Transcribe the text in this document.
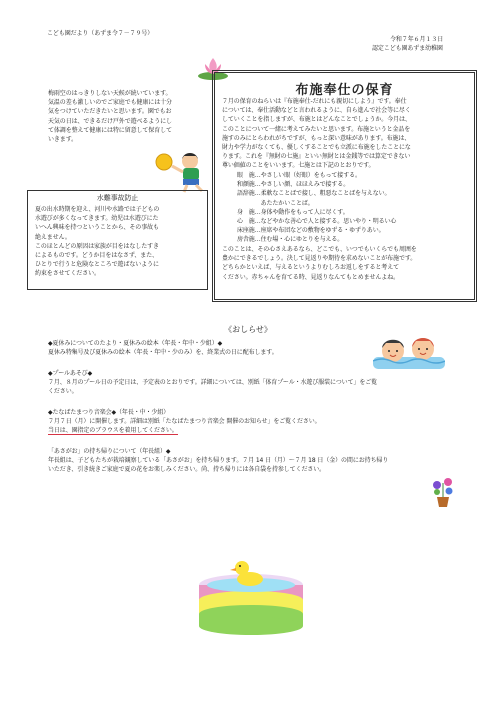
こども園だより（あずま令７－７９号）
令和７年６月１３日
認定こども園あずま幼稚園
梅雨空のはっきりしない天候が続いています。
気温の差も激しいのでご家庭でも健康には十分
気をつけていただきたいと思います。園でもお
天気の日は、できるだけ戸外で遊べるようにし
て体調を整えて健康には特に留意して保育して
いきます。
水難事故防止
夏の出水時期を迎え、河川や水路では子どもの
水遊びが多くなってきます。幼児は水遊びにた
いへん興味を持つということから、その事故も
絶えません。
このほとんどの原因は家族が目をはなしたすき
によるものです。どうか目をはなさず、また、
ひとりで行うと危険なところで遊ばないように
約束をさせてください。
布施奉仕の保育
７月の保育のねらいは『布施奉仕-だれにも親切にしよう』です。奉仕
については、奉仕活動などと言われるように、自ら進んで社会等に尽く
していくことを指しますが、布施とはどんなことでしょうか。今月は、
このことについて一緒に考えてみたいと思います。布施というと金品を
施すのみにとらわれがちですが、もっと深い意味があります。布施は、
財力や学力がなくても、優しくすることでも立派に布施をしたことにな
ります。これを『無財の七施』といい無財とは金銭等では算定できない
尊い価値のことをいいます。七施とは下記のとおりです。
眼　施…やさしい眼（好眼）をもって接する。
和顔施…やさしい顔、ほほえみで接する。
語辞施…柔軟なことばで接し、粗悪なことばを与えない。
　　　　あたたかいことば。
身　施…身体や動作をもって人に尽くす。
心　施…などやかな善心で人と接する。思いやり・明るい心
床座施…座席や布団などの敷物をゆずる・ゆずりあい。
房舎施…住む場・心にゆとりを与える。
このことは、その心さえあるなら、どこでも、いつでもいくらでも周囲を
豊かにできるでしょう。決して見返りや期待を求めないことが布施です。
どちらかといえば、与えるというよりむしろお返しをすると考えて
ください。赤ちゃんを育てる時、見返りなんてもとめませんよね。
《おしらせ》
◆夏休みについてのたより・夏休みの絵本（年長・年中・少組）◆
夏休み特集号及び夏休みの絵本（年長・年中・少のみ）を、終業式の日に配布します。
◆プールあそび◆
７月、８月のプール日の予定日は、予定表のとおりです。詳細については、別紙「体育プール・水遊び服装について」をご覧
ください。
◆たなばたまつり音楽会◆（年長・中・少組）
７月７日（月）に開催します。詳細は別紙「たなばたまつり音楽会 開催のお知らせ」をご覧ください。
当日は、園指定のブラウスを着用してください。
「あさがお」の持ち帰りについて（年長組）◆
年長組は、子どもたちが栽培観察している「あさがお」を持ち帰ります。７月 14 日（月）～７月 18 日（金）の間にお持ち帰り
いただき、引き続きご家庭で夏の花をお楽しみください。尚、持ち帰りには各自袋を持参してください。
